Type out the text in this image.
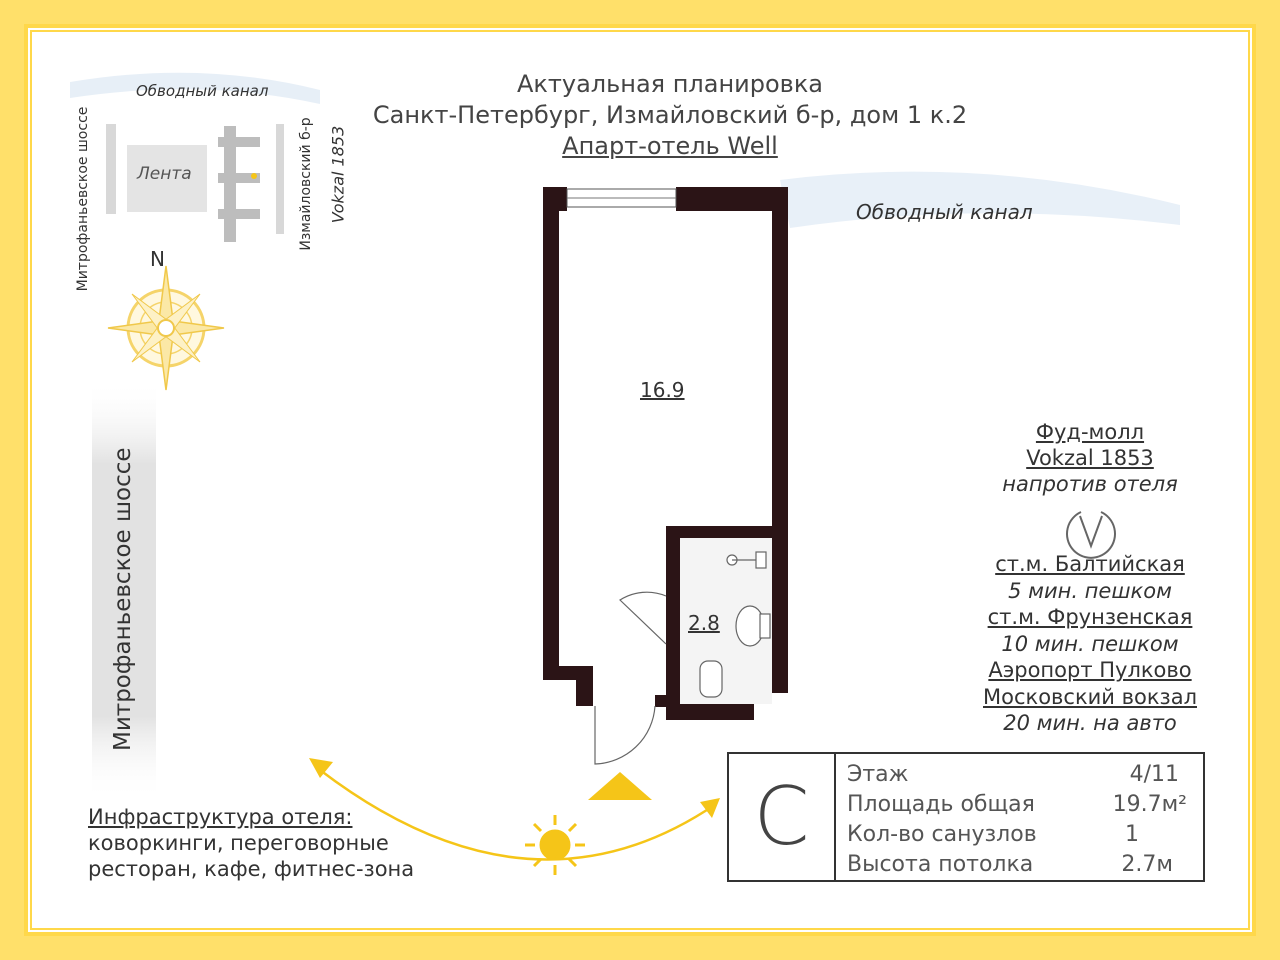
Актуальная планировка
Санкт-Петербург, Измайловский б-р, дом 1 к.2
Апарт-отель Well
Обводный канал
Лента
Митрофаньевское шоссе	Измайловский б-р Vokzal 1853
N
Митрофаньевское шоссе
Обводный канал
16.9
2.8
Фуд-молл
Vokzal 1853
напротив отеля
ст.м. Балтийская
5 мин. пешком
ст.м. Фрунзенская
10 мин. пешком
Аэропорт Пулково
Московский вокзал
20 мин. на авто
Инфраструктура отеля:
коворкинги, переговорные
ресторан, кафе, фитнес-зона
C	Этаж	4/11
Площадь общая	19.7м²
Кол-во санузлов	1
Высота потолка	2.7м
